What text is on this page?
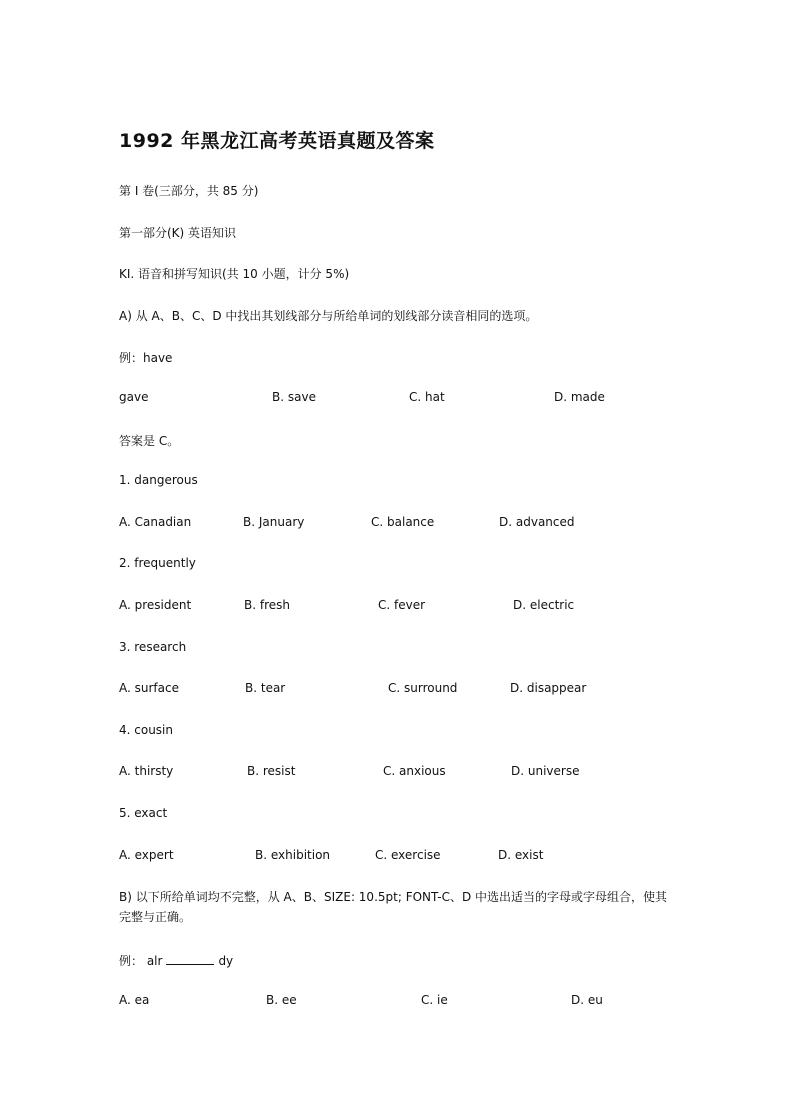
1992 年黑龙江高考英语真题及答案
第 I 卷(三部分，共 85 分)
第一部分(K) 英语知识
KI. 语音和拼写知识(共 10 小题，计分 5%)
A) 从 A、B、C、D 中找出其划线部分与所给单词的划线部分读音相同的选项。
例：have
gave	B. save	C. hat	D. made
答案是 C。
1. dangerous
A. Canadian	B. January	C. balance	D. advanced
2. frequently
A. president	B. fresh	C. fever	D. electric
3. research
A. surface	B. tear	C. surround	D. disappear
4. cousin
A. thirsty	B. resist	C. anxious	D. universe
5. exact
A. expert	B. exhibition	C. exercise	D. exist
B) 以下所给单词均不完整，从 A、B、SIZE: 10.5pt; FONT-C、D 中选出适当的字母或字母组合，使其完整与正确。
例： alr	dy
A. ea	B. ee	C. ie	D. eu
